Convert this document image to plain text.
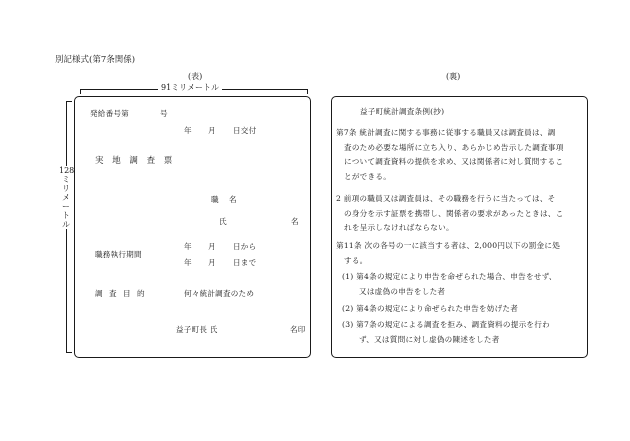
別記様式(第7条関係)
(表)	(裏)
91ミリメートル
128ミリメートル
発給番号第	号
年 月 日交付
実 地 調 査 票
職 名
氏	名
職務執行期間
年 月 日から
年 月 日まで
調 査 目 的	何々統計調査のため
益子町長 氏	名印
益子町統計調査条例(抄)
第7条 統計調査に関する事務に従事する職員又は調査員は、調
査のため必要な場所に立ち入り、あらかじめ告示した調査事項
について調査資料の提供を求め、又は関係者に対し質問するこ
とができる。
2 前項の職員又は調査員は、その職務を行うに当たっては、そ
の身分を示す証票を携帯し、関係者の要求があったときは、こ
れを呈示しなければならない。
第11条 次の各号の一に該当する者は、2,000円以下の罰金に処
する。
(1) 第4条の規定により申告を命ぜられた場合、申告をせず、
又は虚偽の申告をした者
(2) 第4条の規定により命ぜられた申告を妨げた者
(3) 第7条の規定による調査を拒み、調査資料の提示を行わ
ず、又は質問に対し虚偽の陳述をした者
